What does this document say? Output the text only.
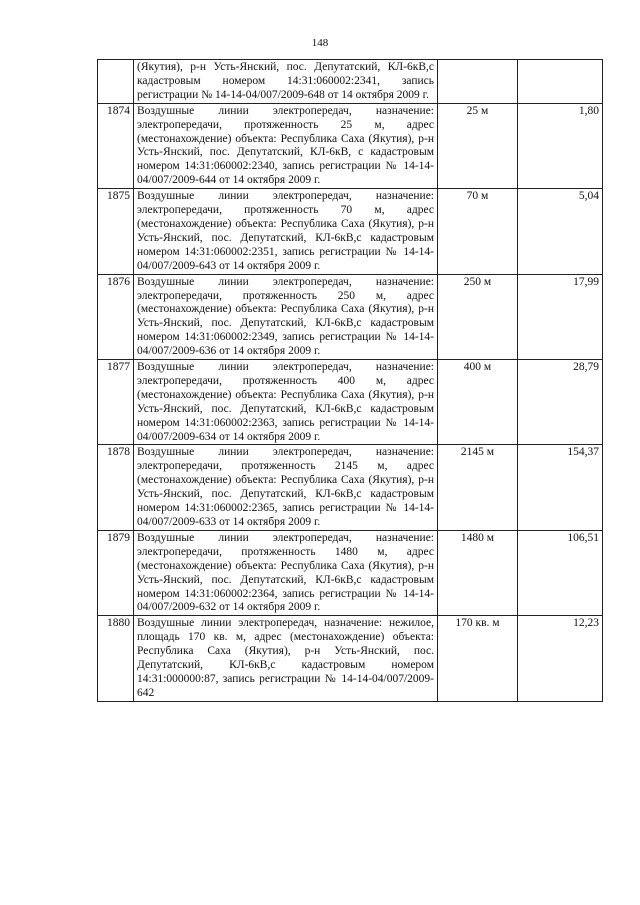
148
	(Якутия), р-н Усть-Янский, пос. Депутатский, КЛ-6кВ,с кадастровым номером 14:31:060002:2341, запись регистрации № 14-14-04/007/2009-648 от 14 октября 2009 г.		
1874	Воздушные линии электропередач, назначение: электропередачи, протяженность 25 м, адрес (местонахождение) объекта: Республика Саха (Якутия), р-н Усть-Янский, пос. Депутатский, КЛ-6кВ, с кадастровым номером 14:31:060002:2340, запись регистрации № 14-14-04/007/2009-644 от 14 октября 2009 г.	25 м	1,80
1875	Воздушные линии электропередач, назначение: электропередачи, протяженность 70 м, адрес (местонахождение) объекта: Республика Саха (Якутия), р-н Усть-Янский, пос. Депутатский, КЛ-6кВ,с кадастровым номером 14:31:060002:2351, запись регистрации № 14-14-04/007/2009-643 от 14 октября 2009 г.	70 м	5,04
1876	Воздушные линии электропередач, назначение: электропередачи, протяженность 250 м, адрес (местонахождение) объекта: Республика Саха (Якутия), р-н Усть-Янский, пос. Депутатский, КЛ-6кВ,с кадастровым номером 14:31:060002:2349, запись регистрации № 14-14-04/007/2009-636 от 14 октября 2009 г.	250 м	17,99
1877	Воздушные линии электропередач, назначение: электропередачи, протяженность 400 м, адрес (местонахождение) объекта: Республика Саха (Якутия), р-н Усть-Янский, пос. Депутатский, КЛ-6кВ,с кадастровым номером 14:31:060002:2363, запись регистрации № 14-14-04/007/2009-634 от 14 октября 2009 г.	400 м	28,79
1878	Воздушные линии электропередач, назначение: электропередачи, протяженность 2145 м, адрес (местонахождение) объекта: Республика Саха (Якутия), р-н Усть-Янский, пос. Депутатский, КЛ-6кВ,с кадастровым номером 14:31:060002:2365, запись регистрации № 14-14-04/007/2009-633 от 14 октября 2009 г.	2145 м	154,37
1879	Воздушные линии электропередач, назначение: электропередачи, протяженность 1480 м, адрес (местонахождение) объекта: Республика Саха (Якутия), р-н Усть-Янский, пос. Депутатский, КЛ-6кВ,с кадастровым номером 14:31:060002:2364, запись регистрации № 14-14-04/007/2009-632 от 14 октября 2009 г.	1480 м	106,51
1880	Воздушные линии электропередач, назначение: нежилое, площадь 170 кв. м, адрес (местонахождение) объекта: Республика Саха (Якутия), р-н Усть-Янский, пос. Депутатский, КЛ-6кВ,с кадастровым номером 14:31:000000:87, запись регистрации № 14-14-04/007/2009-642	170 кв. м	12,23
